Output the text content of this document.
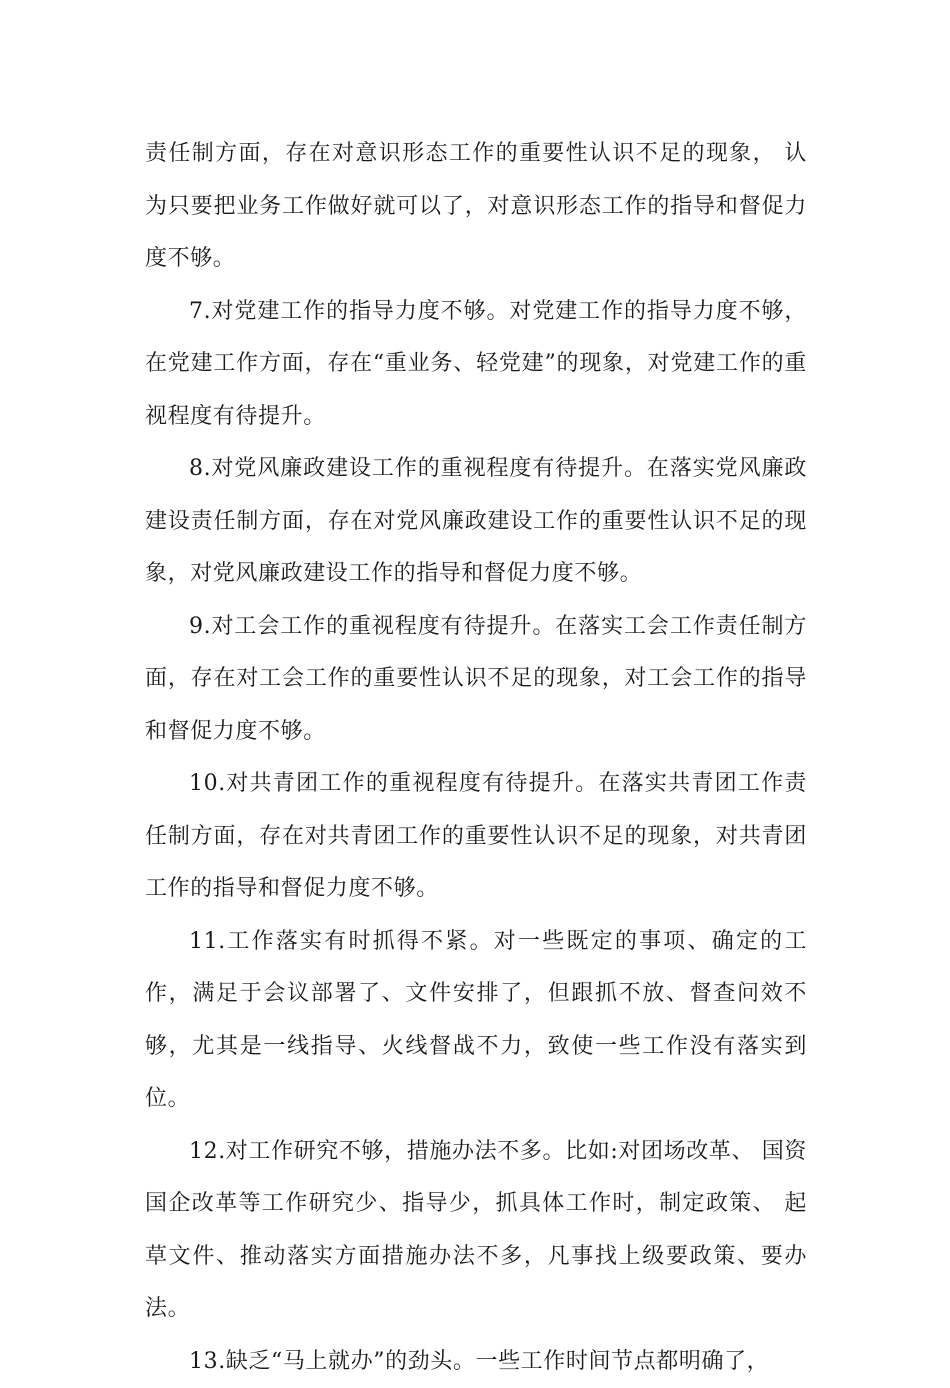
责任制方面，存在对意识形态工作的重要性认识不足的现象， 认为只要把业务工作做好就可以了，对意识形态工作的指导和督促力度不够。

7.对党建工作的指导力度不够。对党建工作的指导力度不够，在党建工作方面，存在“重业务、轻党建”的现象，对党建工作的重视程度有待提升。

8.对党风廉政建设工作的重视程度有待提升。在落实党风廉政建设责任制方面，存在对党风廉政建设工作的重要性认识不足的现象，对党风廉政建设工作的指导和督促力度不够。

9.对工会工作的重视程度有待提升。在落实工会工作责任制方面，存在对工会工作的重要性认识不足的现象，对工会工作的指导和督促力度不够。

10.对共青团工作的重视程度有待提升。在落实共青团工作责任制方面，存在对共青团工作的重要性认识不足的现象，对共青团工作的指导和督促力度不够。

11.工作落实有时抓得不紧。对一些既定的事项、确定的工作，满足于会议部署了、文件安排了，但跟抓不放、督查问效不够，尤其是一线指导、火线督战不力，致使一些工作没有落实到位。

12.对工作研究不够，措施办法不多。比如:对团场改革、 国资国企改革等工作研究少、指导少，抓具体工作时，制定政策、 起草文件、推动落实方面措施办法不多，凡事找上级要政策、要办法。

13.缺乏“马上就办”的劲头。一些工作时间节点都明确了，
